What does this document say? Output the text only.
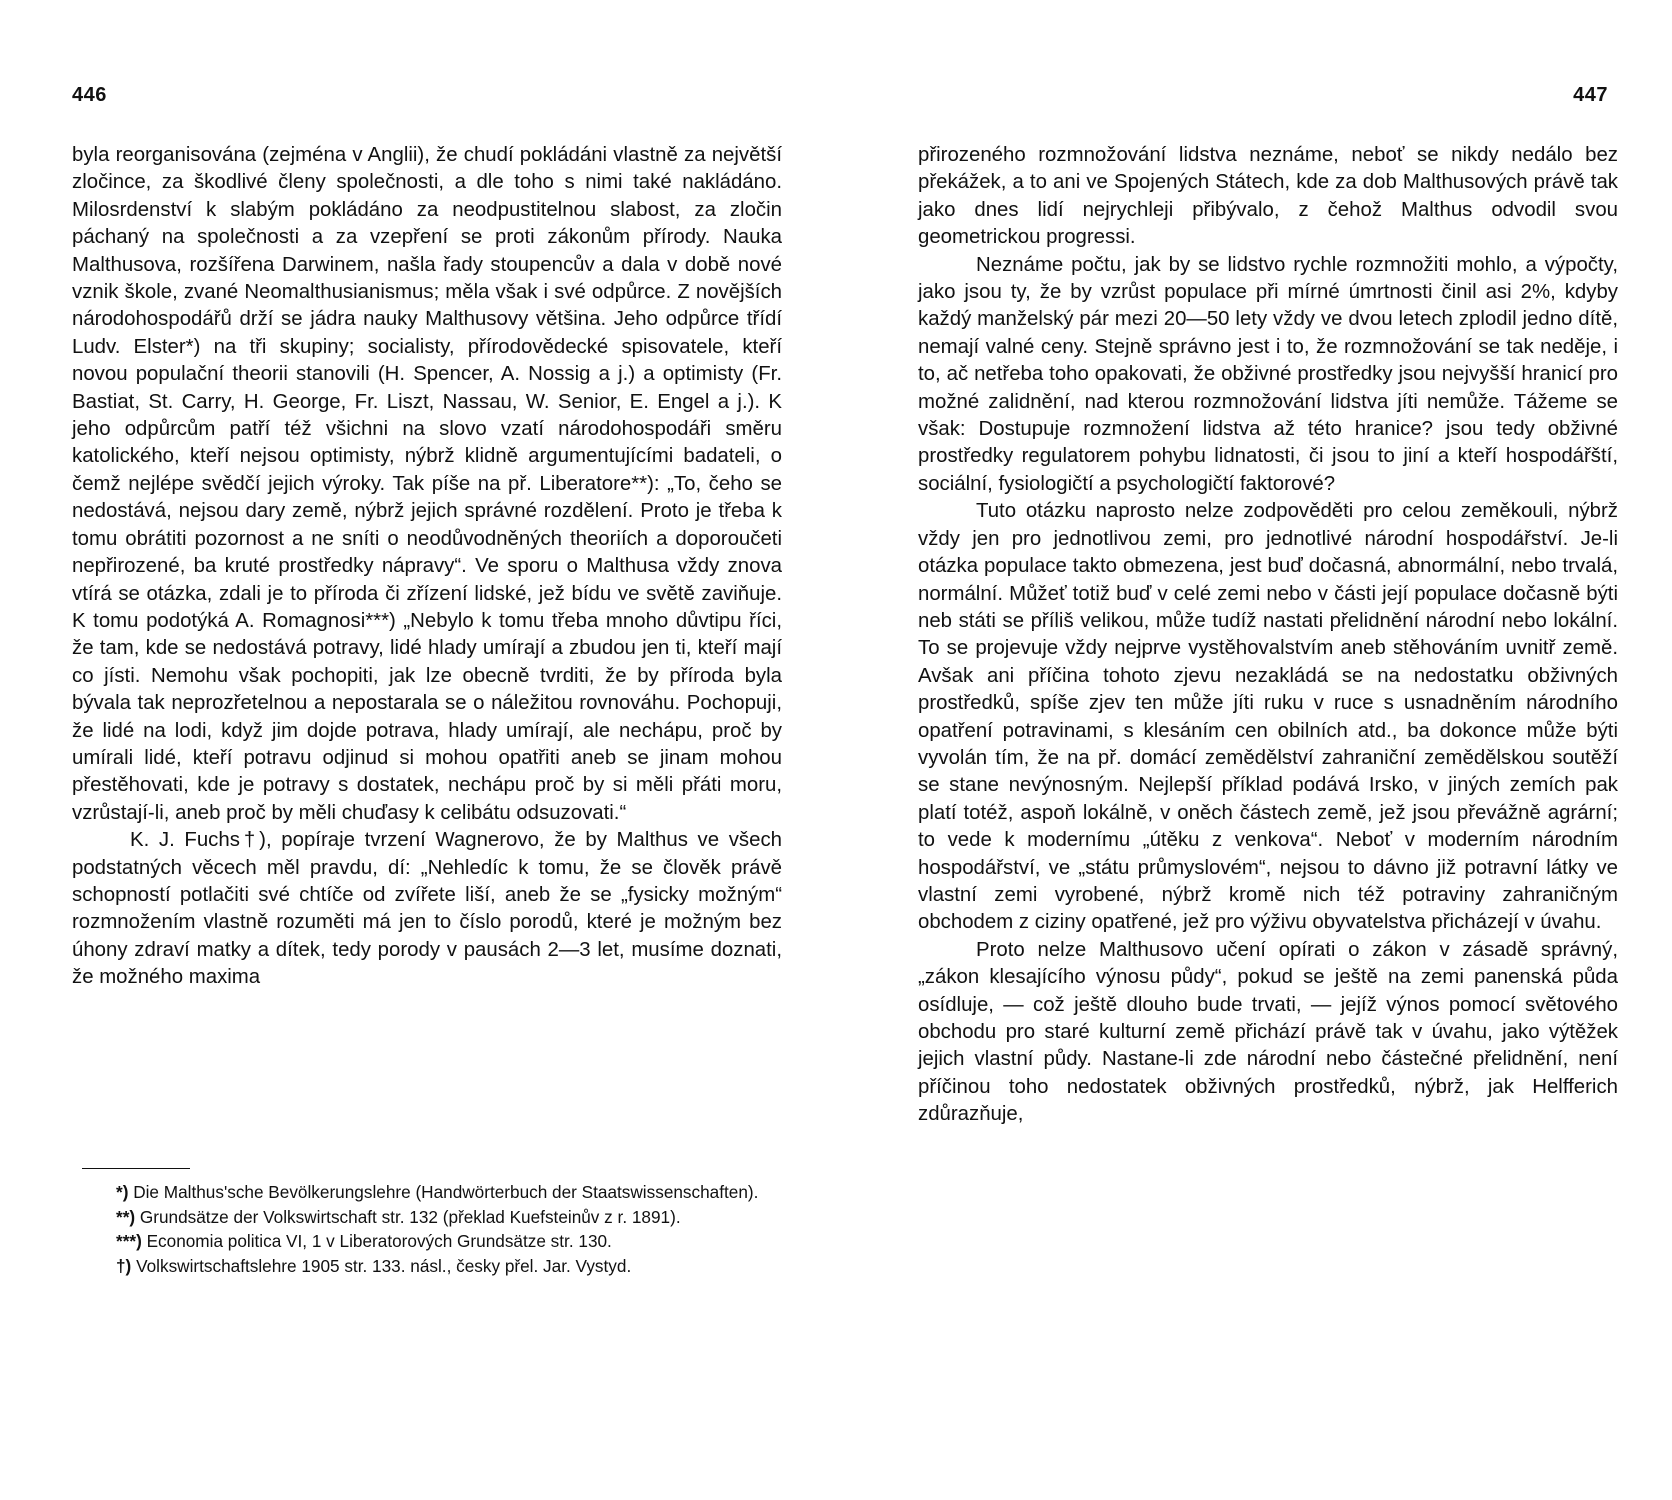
446

byla reorganisována (zejména v Anglii), že chudí pokládáni vlastně za největší zločince, za škodlivé členy společnosti, a dle toho s nimi také nakládáno. Milosrdenství k slabým pokládáno za neodpustitelnou slabost, za zločin páchaný na společnosti a za vzepření se proti zákonům přírody. Nauka Malthusova, rozšířena Darwinem, našla řady stoupencův a dala v době nové vznik škole, zvané Neomalthusianismus; měla však i své odpůrce. Z novějších národohospodářů drží se jádra nauky Malthusovy většina. Jeho odpůrce třídí Ludv. Elster*) na tři skupiny; socialisty, přírodovědecké spisovatele, kteří novou populační theorii stanovili (H. Spencer, A. Nossig a j.) a optimisty (Fr. Bastiat, St. Carry, H. George, Fr. Liszt, Nassau, W. Senior, E. Engel a j.). K jeho odpůrcům patří též všichni na slovo vzatí národohospodáři směru katolického, kteří nejsou optimisty, nýbrž klidně argumentujícími badateli, o čemž nejlépe svědčí jejich výroky. Tak píše na př. Liberatore**): „To, čeho se nedostává, nejsou dary země, nýbrž jejich správné rozdělení. Proto je třeba k tomu obrátiti pozornost a ne sníti o neodůvodněných theoriích a doporoučeti nepřirozené, ba kruté prostředky nápravy“. Ve sporu o Malthusa vždy znova vtírá se otázka, zdali je to příroda či zřízení lidské, jež bídu ve světě zaviňuje. K tomu podotýká A. Romagnosi***) „Nebylo k tomu třeba mnoho důvtipu říci, že tam, kde se nedostává potravy, lidé hlady umírají a zbudou jen ti, kteří mají co jísti. Nemohu však pochopiti, jak lze obecně tvrditi, že by příroda byla bývala tak neprozřetelnou a nepostarala se o náležitou rovnováhu. Pochopuji, že lidé na lodi, když jim dojde potrava, hlady umírají, ale nechápu, proč by umírali lidé, kteří potravu odjinud si mohou opatřiti aneb se jinam mohou přestěhovati, kde je potravy s dostatek, nechápu proč by si měli přáti moru, vzrůstají-li, aneb proč by měli chuďasy k celibátu odsuzovati.“

K. J. Fuchs†), popíraje tvrzení Wagnerovo, že by Malthus ve všech podstatných věcech měl pravdu, dí: „Nehledíc k tomu, že se člověk právě schopností potlačiti své chtíče od zvířete liší, aneb že se „fysicky možným“ rozmnožením vlastně rozuměti má jen to číslo porodů, které je možným bez úhony zdraví matky a dítek, tedy porody v pausách 2—3 let, musíme doznati, že možného maxima

*) Die Malthus'sche Bevölkerungslehre (Handwörterbuch der Staatswissenschaften).

**) Grundsätze der Volkswirtschaft str. 132 (překlad Kuefsteinův z r. 1891).

***) Economia politica VI, 1 v Liberatorových Grundsätze str. 130.

†) Volkswirtschaftslehre 1905 str. 133. násl., česky přel. Jar. Vystyd.

447

přirozeného rozmnožování lidstva neznáme, neboť se nikdy nedálo bez překážek, a to ani ve Spojených Státech, kde za dob Malthusových právě tak jako dnes lidí nejrychleji přibývalo, z čehož Malthus odvodil svou geometrickou progressi.

Neznáme počtu, jak by se lidstvo rychle rozmnožiti mohlo, a výpočty, jako jsou ty, že by vzrůst populace při mírné úmrtnosti činil asi 2%, kdyby každý manželský pár mezi 20—50 lety vždy ve dvou letech zplodil jedno dítě, nemají valné ceny. Stejně správno jest i to, že rozmnožování se tak neděje, i to, ač netřeba toho opakovati, že obživné prostředky jsou nejvyšší hranicí pro možné zalidnění, nad kterou rozmnožování lidstva jíti nemůže. Tážeme se však: Dostupuje rozmnožení lidstva až této hranice? jsou tedy obživné prostředky regulatorem pohybu lidnatosti, či jsou to jiní a kteří hospodářští, sociální, fysiologičtí a psychologičtí faktorové?

Tuto otázku naprosto nelze zodpověděti pro celou zeměkouli, nýbrž vždy jen pro jednotlivou zemi, pro jednotlivé národní hospodářství. Je-li otázka populace takto obmezena, jest buď dočasná, abnormální, nebo trvalá, normální. Můžeť totiž buď v celé zemi nebo v části její populace dočasně býti neb státi se příliš velikou, může tudíž nastati přelidnění národní nebo lokální. To se projevuje vždy nejprve vystěhovalstvím aneb stěhováním uvnitř země. Avšak ani příčina tohoto zjevu nezakládá se na nedostatku obživných prostředků, spíše zjev ten může jíti ruku v ruce s usnadněním národního opatření potravinami, s klesáním cen obilních atd., ba dokonce může býti vyvolán tím, že na př. domácí zemědělství zahraniční zemědělskou soutěží se stane nevýnosným. Nejlepší příklad podává Irsko, v jiných zemích pak platí totéž, aspoň lokálně, v oněch částech země, jež jsou převážně agrární; to vede k modernímu „útěku z venkova“. Neboť v moderním národním hospodářství, ve „státu průmyslovém“, nejsou to dávno již potravní látky ve vlastní zemi vyrobené, nýbrž kromě nich též potraviny zahraničným obchodem z ciziny opatřené, jež pro výživu obyvatelstva přicházejí v úvahu.

Proto nelze Malthusovo učení opírati o zákon v zásadě správný, „zákon klesajícího výnosu půdy“, pokud se ještě na zemi panenská půda osídluje, — což ještě dlouho bude trvati, — jejíž výnos pomocí světového obchodu pro staré kulturní země přichází právě tak v úvahu, jako výtěžek jejich vlastní půdy. Nastane-li zde národní nebo částečné přelidnění, není příčinou toho nedostatek obživných prostředků, nýbrž, jak Helfferich zdůrazňuje,
